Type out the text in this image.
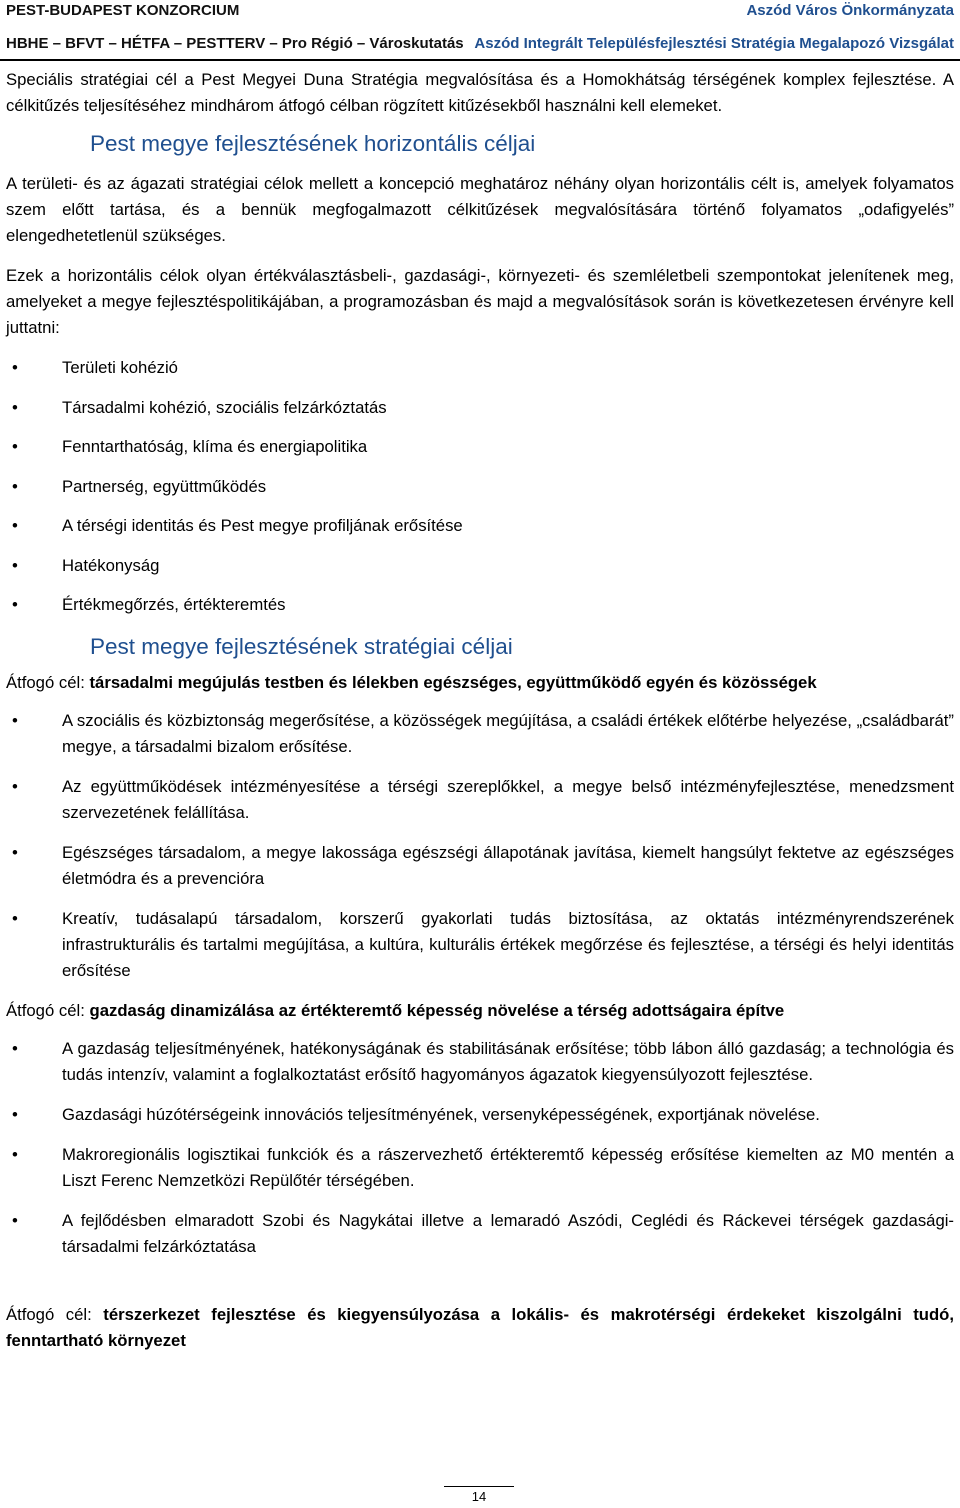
PEST-BUDAPEST KONZORCIUM	Aszód Város Önkormányzata
HBHE – BFVT – HÉTFA – PESTTERV – Pro Régió – Városkutatás Aszód Integrált Településfejlesztési Stratégia Megalapozó Vizsgálat

Speciális stratégiai cél a Pest Megyei Duna Stratégia megvalósítása és a Homokhátság térségének komplex fejlesztése. A célkitűzés teljesítéséhez mindhárom átfogó célban rögzített kitűzésekből használni kell elemeket.

Pest megye fejlesztésének horizontális céljai

A területi- és az ágazati stratégiai célok mellett a koncepció meghatároz néhány olyan horizontális célt is, amelyek folyamatos szem előtt tartása, és a bennük megfogalmazott célkitűzések megvalósítására történő folyamatos „odafigyelés” elengedhetetlenül szükséges.

Ezek a horizontális célok olyan értékválasztásbeli-, gazdasági-, környezeti- és szemléletbeli szempontokat jelenítenek meg, amelyeket a megye fejlesztéspolitikájában, a programozásban és majd a megvalósítások során is következetesen érvényre kell juttatni:

•	Területi kohézió
•	Társadalmi kohézió, szociális felzárkóztatás
•	Fenntarthatóság, klíma és energiapolitika
•	Partnerség, együttműködés
•	A térségi identitás és Pest megye profiljának erősítése
•	Hatékonyság
•	Értékmegőrzés, értékteremtés
Pest megye fejlesztésének stratégiai céljai

Átfogó cél: társadalmi megújulás testben és lélekben egészséges, együttműködő egyén és közösségek

•	A szociális és közbiztonság megerősítése, a közösségek megújítása, a családi értékek előtérbe helyezése, „családbarát” megye, a társadalmi bizalom erősítése.
•	Az együttműködések intézményesítése a térségi szereplőkkel, a megye belső intézményfejlesztése, menedzsment szervezetének felállítása.
•	Egészséges társadalom, a megye lakossága egészségi állapotának javítása, kiemelt hangsúlyt fektetve az egészséges életmódra és a prevencióra
•	Kreatív, tudásalapú társadalom, korszerű gyakorlati tudás biztosítása, az oktatás intézményrendszerének infrastrukturális és tartalmi megújítása, a kultúra, kulturális értékek megőrzése és fejlesztése, a térségi és helyi identitás erősítése

Átfogó cél: gazdaság dinamizálása az értékteremtő képesség növelése a térség adottságaira építve

•	A gazdaság teljesítményének, hatékonyságának és stabilitásának erősítése; több lábon álló gazdaság; a technológia és tudás intenzív, valamint a foglalkoztatást erősítő hagyományos ágazatok kiegyensúlyozott fejlesztése.
•	Gazdasági húzótérségeink innovációs teljesítményének, versenyképességének, exportjának növelése.
•	Makroregionális logisztikai funkciók és a rászervezhető értékteremtő képesség erősítése kiemelten az M0 mentén a Liszt Ferenc Nemzetközi Repülőtér térségében.
•	A fejlődésben elmaradott Szobi és Nagykátai illetve a lemaradó Aszódi, Ceglédi és Ráckevei térségek gazdasági-társadalmi felzárkóztatása

Átfogó cél: térszerkezet fejlesztése és kiegyensúlyozása a lokális- és makrotérségi érdekeket kiszolgálni tudó, fenntartható környezet

14
